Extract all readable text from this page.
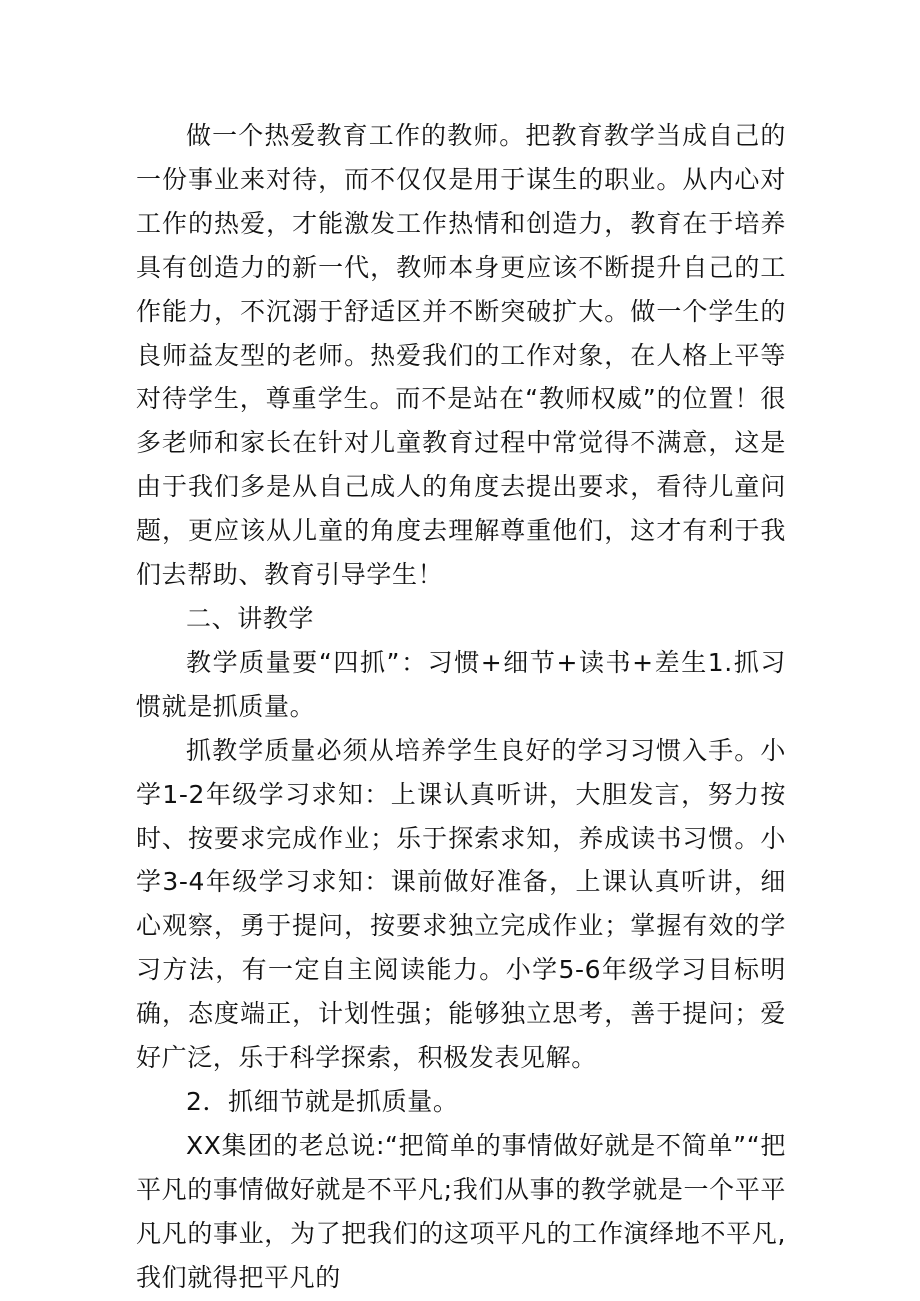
做一个热爱教育工作的教师。把教育教学当成自己的一份事业来对待，而不仅仅是用于谋生的职业。从内心对工作的热爱，才能激发工作热情和创造力，教育在于培养具有创造力的新一代，教师本身更应该不断提升自己的工作能力，不沉溺于舒适区并不断突破扩大。做一个学生的良师益友型的老师。热爱我们的工作对象，在人格上平等对待学生，尊重学生。而不是站在“教师权威”的位置！很多老师和家长在针对儿童教育过程中常觉得不满意，这是由于我们多是从自己成人的角度去提出要求，看待儿童问题，更应该从儿童的角度去理解尊重他们，这才有利于我们去帮助、教育引导学生！

二、讲教学

教学质量要“四抓”：习惯+细节+读书+差生1.抓习惯就是抓质量。

抓教学质量必须从培养学生良好的学习习惯入手。小学1-2年级学习求知：上课认真听讲，大胆发言，努力按时、按要求完成作业；乐于探索求知，养成读书习惯。小学3-4年级学习求知：课前做好准备，上课认真听讲，细心观察，勇于提问，按要求独立完成作业；掌握有效的学习方法，有一定自主阅读能力。小学5-6年级学习目标明确，态度端正，计划性强；能够独立思考，善于提问；爱好广泛，乐于科学探索，积极发表见解。

2．抓细节就是抓质量。

XX集团的老总说:“把简单的事情做好就是不简单”“把平凡的事情做好就是不平凡;我们从事的教学就是一个平平凡凡的事业，为了把我们的这项平凡的工作演绎地不平凡,我们就得把平凡的
